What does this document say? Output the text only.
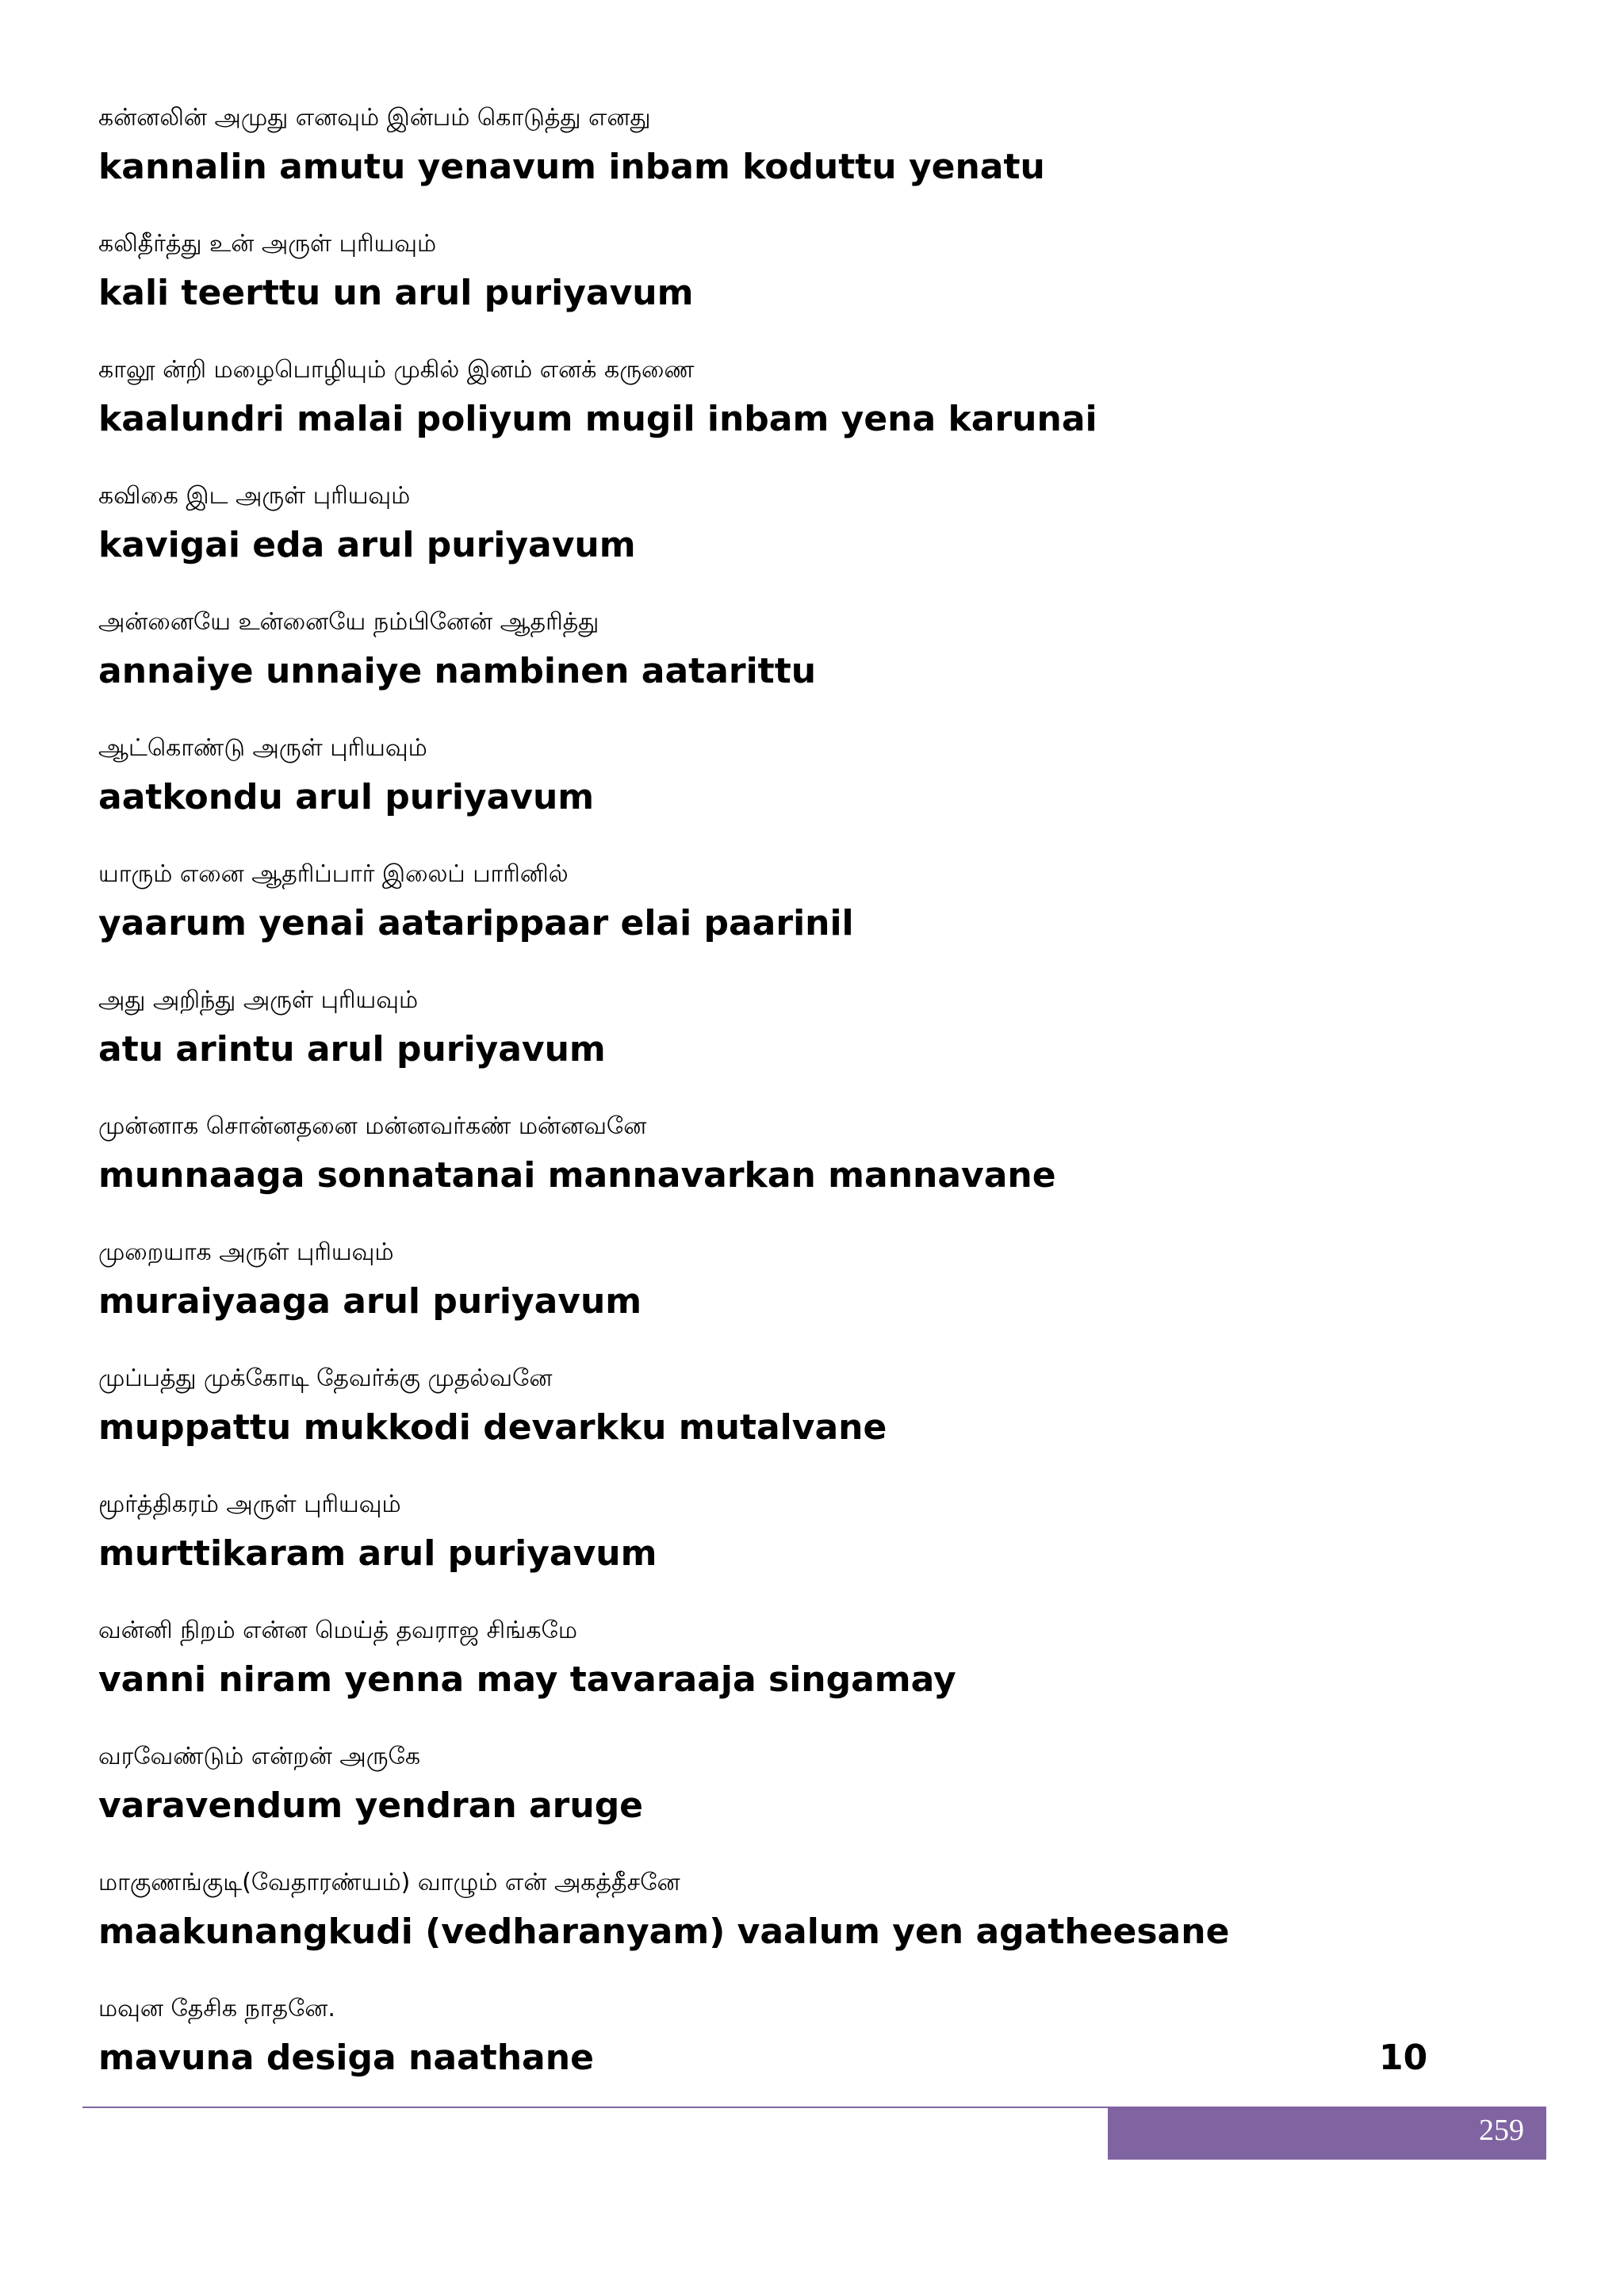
கன்னலின் அமுது எனவும் இன்பம் கொடுத்து எனது
kannalin amutu yenavum inbam koduttu yenatu
கலிதீர்த்து உன் அருள் புரியவும்
kali teerttu un arul puriyavum
காலூ ன்றி மழைபொழியும் முகில் இனம் எனக் கருணை
kaalundri malai poliyum mugil inbam yena karunai
கவிகை இட அருள் புரியவும்
kavigai eda arul puriyavum
அன்னையே உன்னையே நம்பினேன் ஆதரித்து
annaiye unnaiye nambinen aatarittu
ஆட்கொண்டு அருள் புரியவும்
aatkondu arul puriyavum
யாரும் எனை ஆதரிப்பார் இலைப் பாரினில்
yaarum yenai aatarippaar elai paarinil
அது அறிந்து அருள் புரியவும்
atu arintu arul puriyavum
முன்னாக சொன்னதனை மன்னவர்கண் மன்னவனே
munnaaga sonnatanai mannavarkan mannavane
முறையாக அருள் புரியவும்
muraiyaaga arul puriyavum
முப்பத்து முக்கோடி தேவர்க்கு முதல்வனே
muppattu mukkodi devarkku mutalvane
மூர்த்திகரம் அருள் புரியவும்
murttikaram arul puriyavum
வன்னி நிறம் என்ன மெய்த் தவராஜ சிங்கமே
vanni niram yenna may tavaraaja singamay
வரவேண்டும் என்றன் அருகே
varavendum yendran aruge
மாகுணங்குடி(வேதாரண்யம்) வாழும் என் அகத்தீசனே
maakunangkudi (vedharanyam) vaalum yen agatheesane
மவுன தேசிக நாதனே.
mavuna desiga naathane	10
259
